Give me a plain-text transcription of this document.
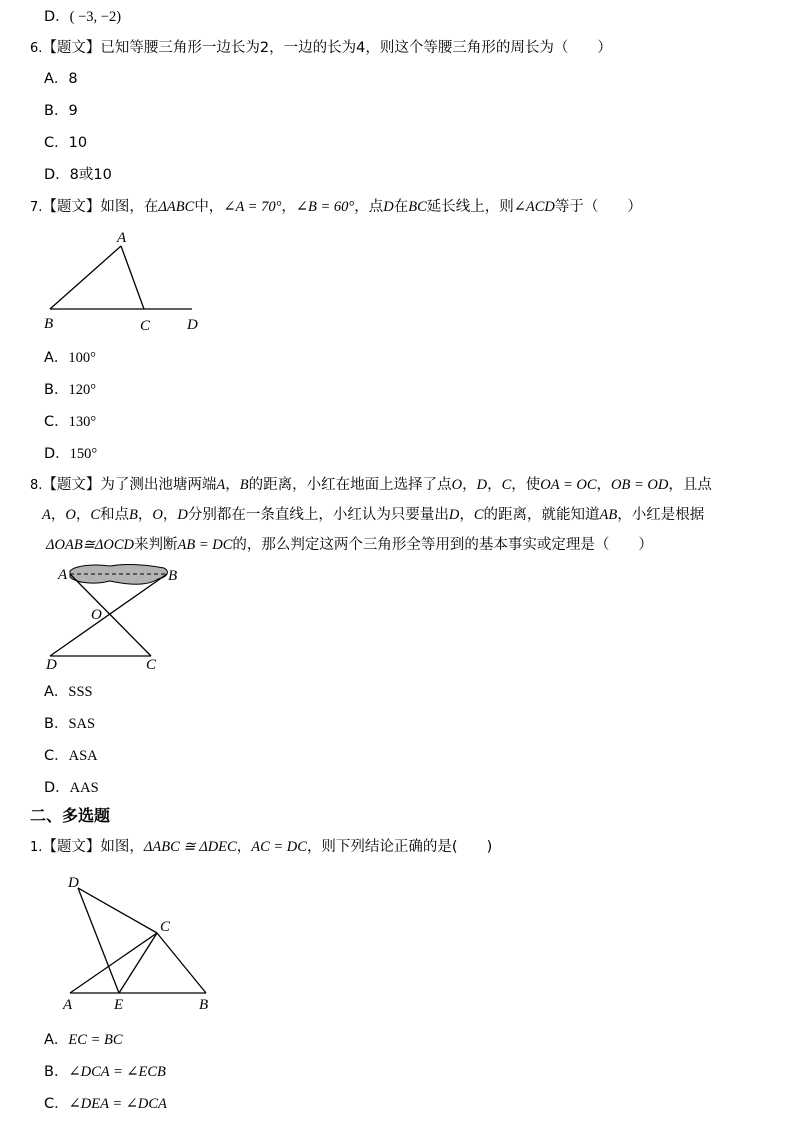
D．( −3, −2)
6.【题文】已知等腰三角形一边长为2，一边的长为4，则这个等腰三角形的周长为（　　）
A．8
B．9
C．10
D．8或10
7.【题文】如图，在ΔABC中，∠A = 70°，∠B = 60°，点D在BC延长线上，则∠ACD等于（　　）
A
B	C D
A．100°
B．120°
C．130°
D．150°
8.【题文】为了测出池塘两端A，B的距离，小红在地面上选择了点O，D，C，使OA = OC，OB = OD，且点
A，O，C和点B，O，D分别都在一条直线上，小红认为只要量出D，C的距离，就能知道AB，小红是根据
ΔOAB≅ΔOCD来判断AB = DC的，那么判定这两个三角形全等用到的基本事实或定理是（　　）
A	B
O
D	C
A．SSS
B．SAS
C．ASA
D．AAS
二、多选题
1.【题文】如图，ΔABC ≅ ΔDEC，AC = DC，则下列结论正确的是(　　)
D
C
A	E	B
A．EC = BC
B．∠DCA = ∠ECB
C．∠DEA = ∠DCA
